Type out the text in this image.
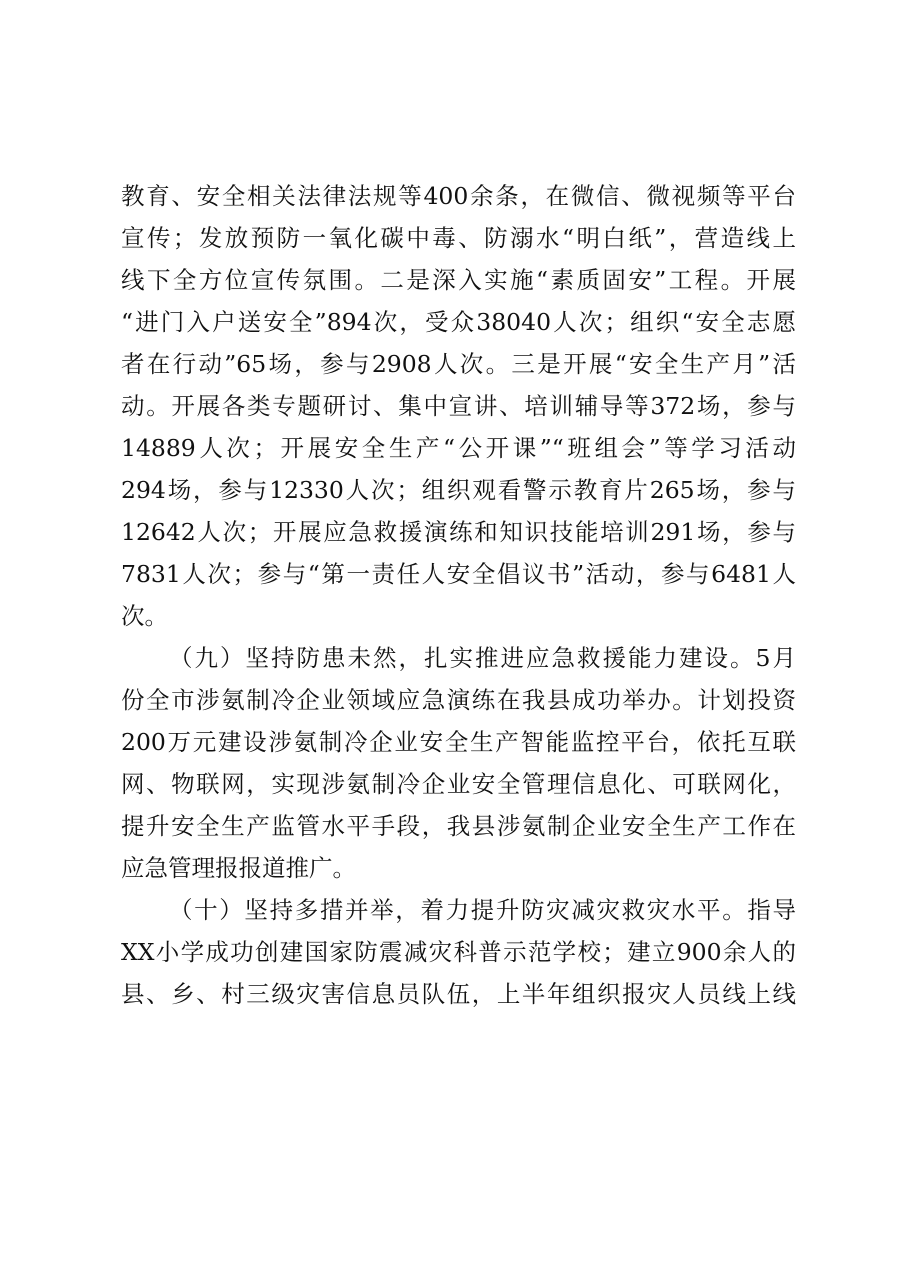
教育、安全相关法律法规等400余条，在微信、微视频等平台
宣传；发放预防一氧化碳中毒、防溺水“明白纸”，营造线上
线下全方位宣传氛围。二是深入实施“素质固安”工程。开展
“进门入户送安全”894次，受众38040人次；组织“安全志愿
者在行动”65场，参与2908人次。三是开展“安全生产月”活
动。开展各类专题研讨、集中宣讲、培训辅导等372场，参与
14889人次；开展安全生产“公开课”“班组会”等学习活动
294场，参与12330人次；组织观看警示教育片265场，参与
12642人次；开展应急救援演练和知识技能培训291场，参与
7831人次；参与“第一责任人安全倡议书”活动，参与6481人
次。
（九）坚持防患未然，扎实推进应急救援能力建设。5月
份全市涉氨制冷企业领域应急演练在我县成功举办。计划投资
200万元建设涉氨制冷企业安全生产智能监控平台，依托互联
网、物联网，实现涉氨制冷企业安全管理信息化、可联网化，
提升安全生产监管水平手段，我县涉氨制企业安全生产工作在
应急管理报报道推广。
（十）坚持多措并举，着力提升防灾减灾救灾水平。指导
XX小学成功创建国家防震减灾科普示范学校；建立900余人的
县、乡、村三级灾害信息员队伍，上半年组织报灾人员线上线
